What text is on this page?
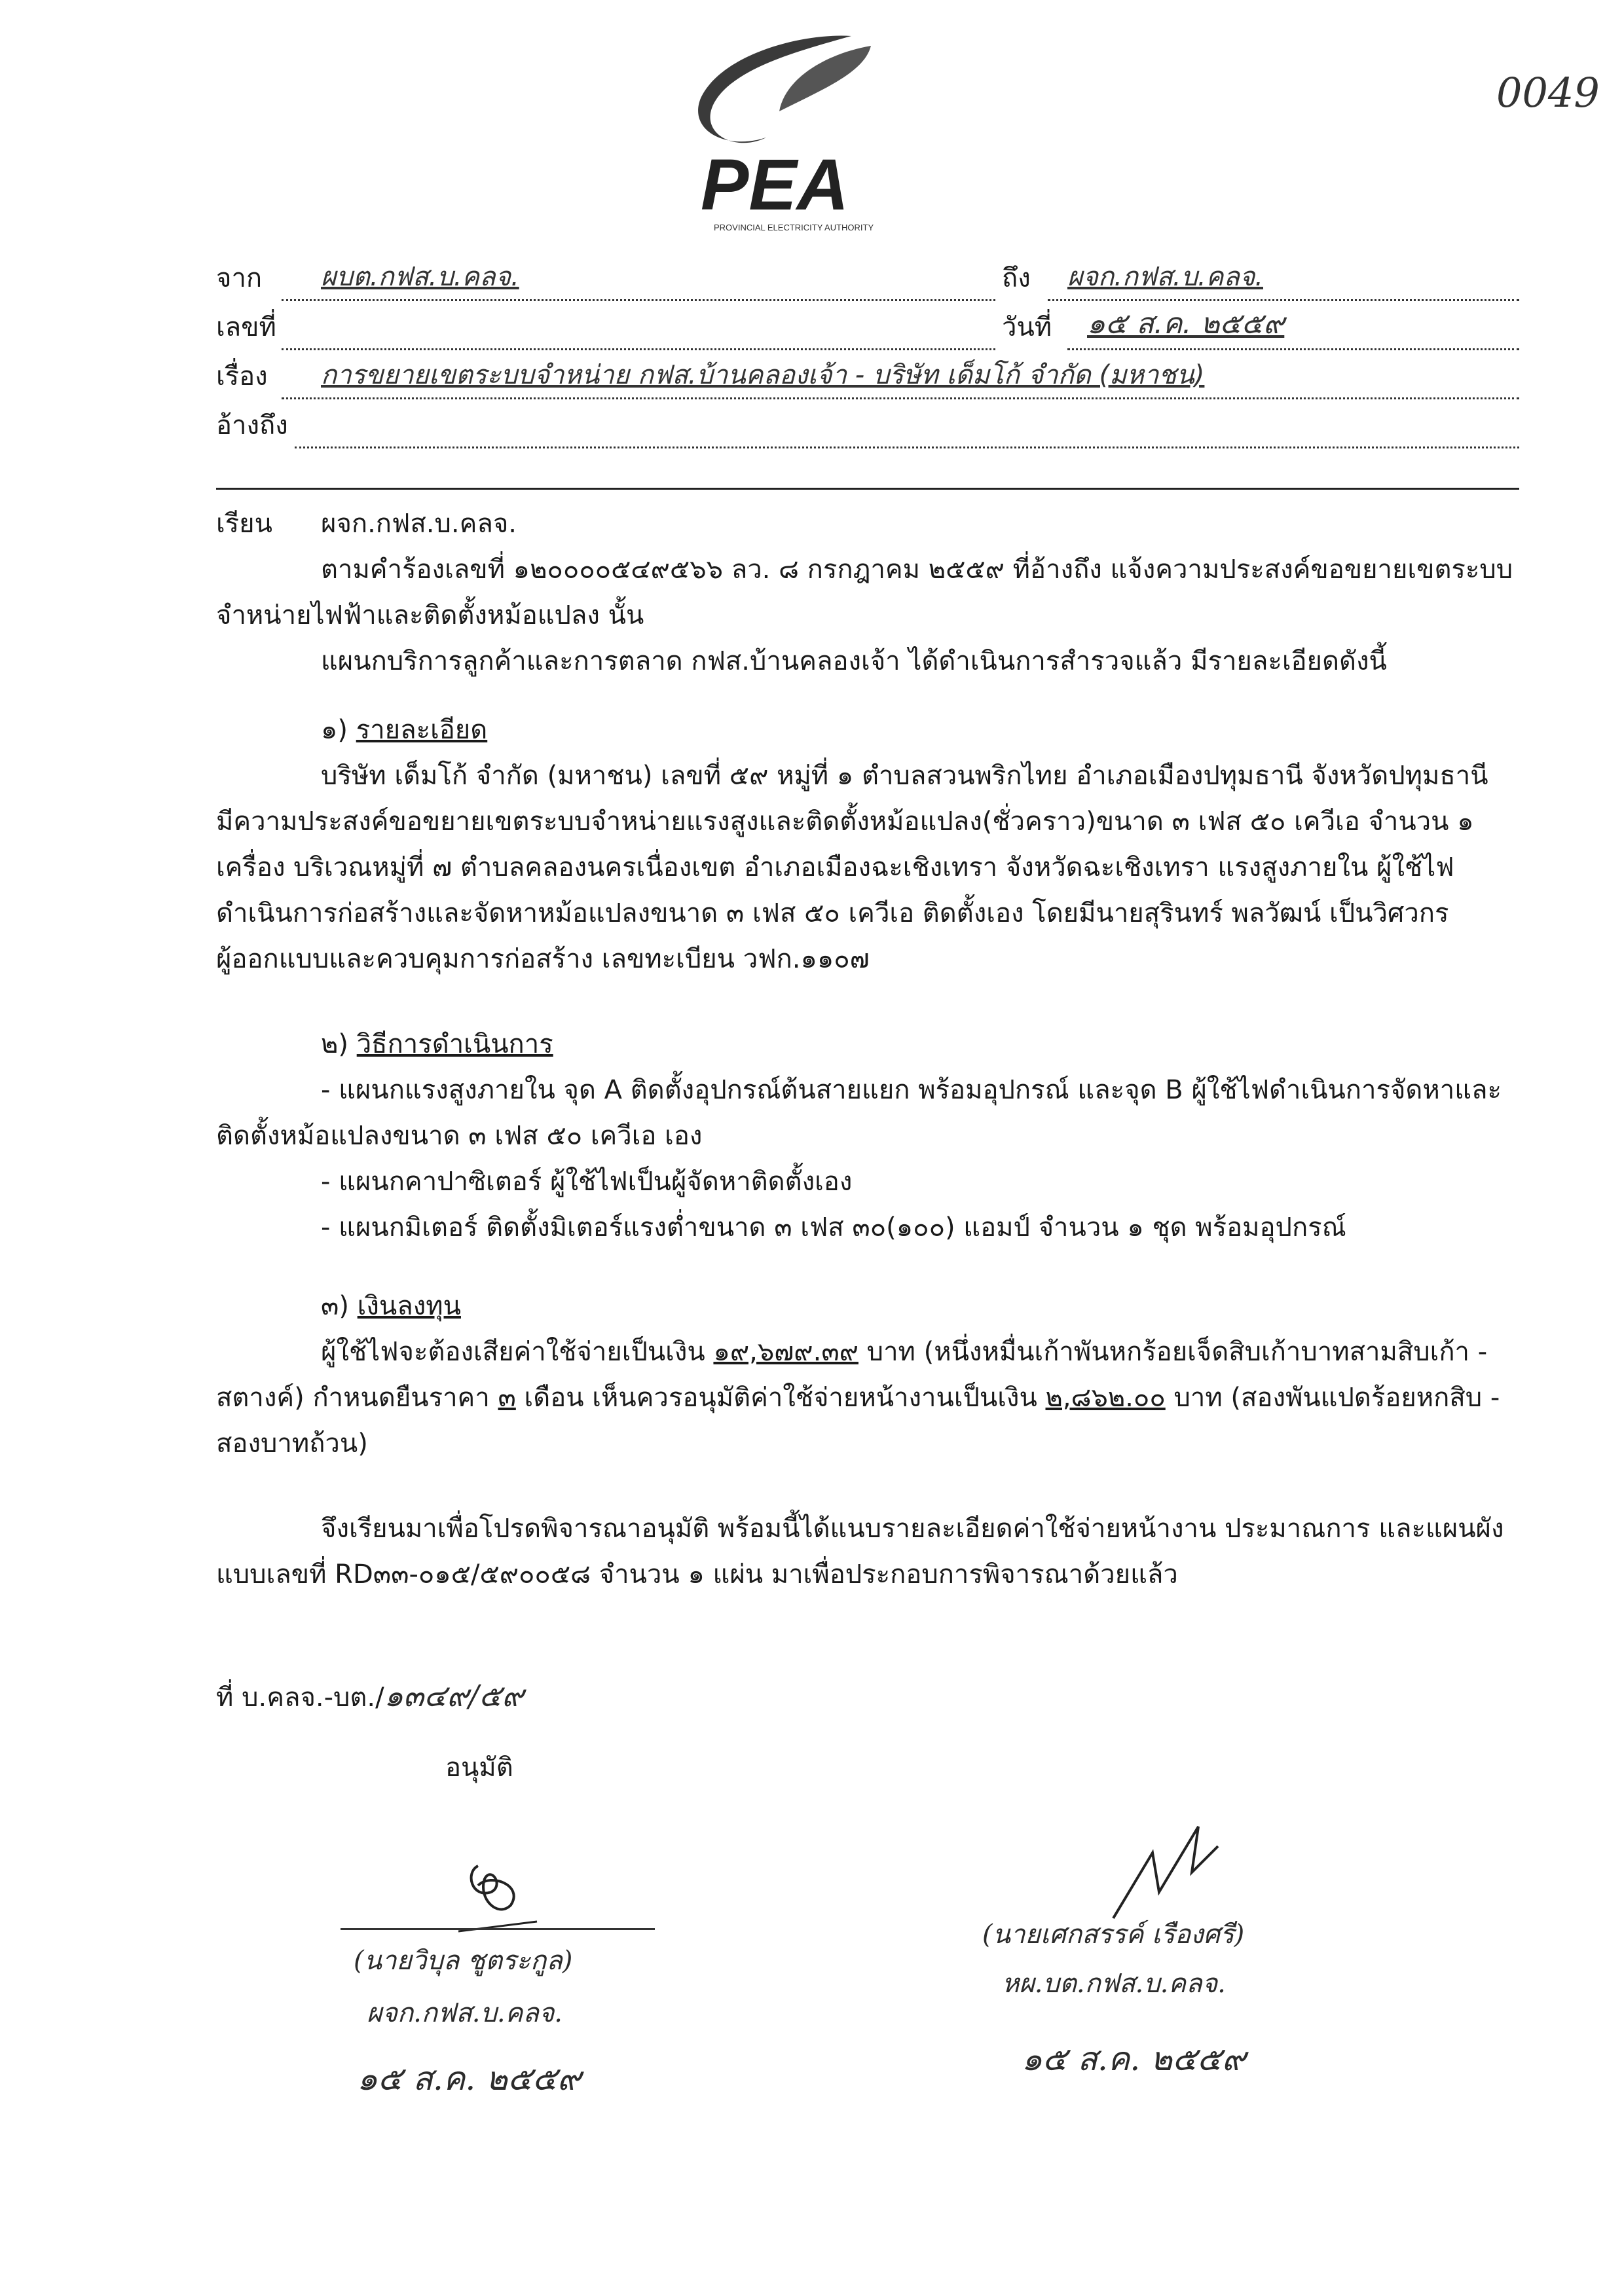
PEA
PROVINCIAL ELECTRICITY AUTHORITY
0049
จาก ผบต.กฟส.บ.คลจ.	ถึง ผจก.กฟส.บ.คลจ.
เลขที่	วันที่ ๑๕ ส.ค. ๒๕๕๙
เรื่อง การขยายเขตระบบจำหน่าย กฟส.บ้านคลองเจ้า - บริษัท เด็มโก้ จำกัด (มหาชน)
อ้างถึง
เรียน ผจก.กฟส.บ.คลจ.
ตามคำร้องเลขที่ ๑๒๐๐๐๐๕๔๙๕๖๖ ลว. ๘ กรกฎาคม ๒๕๕๙ ที่อ้างถึง แจ้งความประสงค์ขอขยายเขตระบบ
จำหน่ายไฟฟ้าและติดตั้งหม้อแปลง นั้น
แผนกบริการลูกค้าและการตลาด กฟส.บ้านคลองเจ้า ได้ดำเนินการสำรวจแล้ว มีรายละเอียดดังนี้
๑) รายละเอียด
บริษัท เด็มโก้ จำกัด (มหาชน) เลขที่ ๕๙ หมู่ที่ ๑ ตำบลสวนพริกไทย อำเภอเมืองปทุมธานี จังหวัดปทุมธานี
มีความประสงค์ขอขยายเขตระบบจำหน่ายแรงสูงและติดตั้งหม้อแปลง(ชั่วคราว)ขนาด ๓ เฟส ๕๐ เควีเอ จำนวน ๑
เครื่อง บริเวณหมู่ที่ ๗ ตำบลคลองนครเนื่องเขต อำเภอเมืองฉะเชิงเทรา จังหวัดฉะเชิงเทรา แรงสูงภายใน ผู้ใช้ไฟ
ดำเนินการก่อสร้างและจัดหาหม้อแปลงขนาด ๓ เฟส ๕๐ เควีเอ ติดตั้งเอง โดยมีนายสุรินทร์ พลวัฒน์ เป็นวิศวกร
ผู้ออกแบบและควบคุมการก่อสร้าง เลขทะเบียน วฟก.๑๑๐๗
๒) วิธีการดำเนินการ
- แผนกแรงสูงภายใน จุด A ติดตั้งอุปกรณ์ต้นสายแยก พร้อมอุปกรณ์ และจุด B ผู้ใช้ไฟดำเนินการจัดหาและ
ติดตั้งหม้อแปลงขนาด ๓ เฟส ๕๐ เควีเอ เอง
- แผนกคาปาซิเตอร์ ผู้ใช้ไฟเป็นผู้จัดหาติดตั้งเอง
- แผนกมิเตอร์ ติดตั้งมิเตอร์แรงต่ำขนาด ๓ เฟส ๓๐(๑๐๐) แอมป์ จำนวน ๑ ชุด พร้อมอุปกรณ์
๓) เงินลงทุน
ผู้ใช้ไฟจะต้องเสียค่าใช้จ่ายเป็นเงิน ๑๙,๖๗๙.๓๙ บาท (หนึ่งหมื่นเก้าพันหกร้อยเจ็ดสิบเก้าบาทสามสิบเก้า -
สตางค์) กำหนดยืนราคา ๓ เดือน เห็นควรอนุมัติค่าใช้จ่ายหน้างานเป็นเงิน ๒,๘๖๒.๐๐ บาท (สองพันแปดร้อยหกสิบ -
สองบาทถ้วน)
จึงเรียนมาเพื่อโปรดพิจารณาอนุมัติ พร้อมนี้ได้แนบรายละเอียดค่าใช้จ่ายหน้างาน ประมาณการ และแผนผัง
แบบเลขที่ RD๓๓-๐๑๕/๕๙๐๐๕๘ จำนวน ๑ แผ่น มาเพื่อประกอบการพิจารณาด้วยแล้ว
ที่ บ.คลจ.-บต./๑๓๔๙/๕๙
อนุมัติ
(นายวิบุล ชูตระกูล)
ผจก.กฟส.บ.คลจ.
๑๕ ส.ค. ๒๕๕๙
(นายเศกสรรค์ เรืองศรี)
หผ.บต.กฟส.บ.คลจ.
๑๕ ส.ค. ๒๕๕๙
